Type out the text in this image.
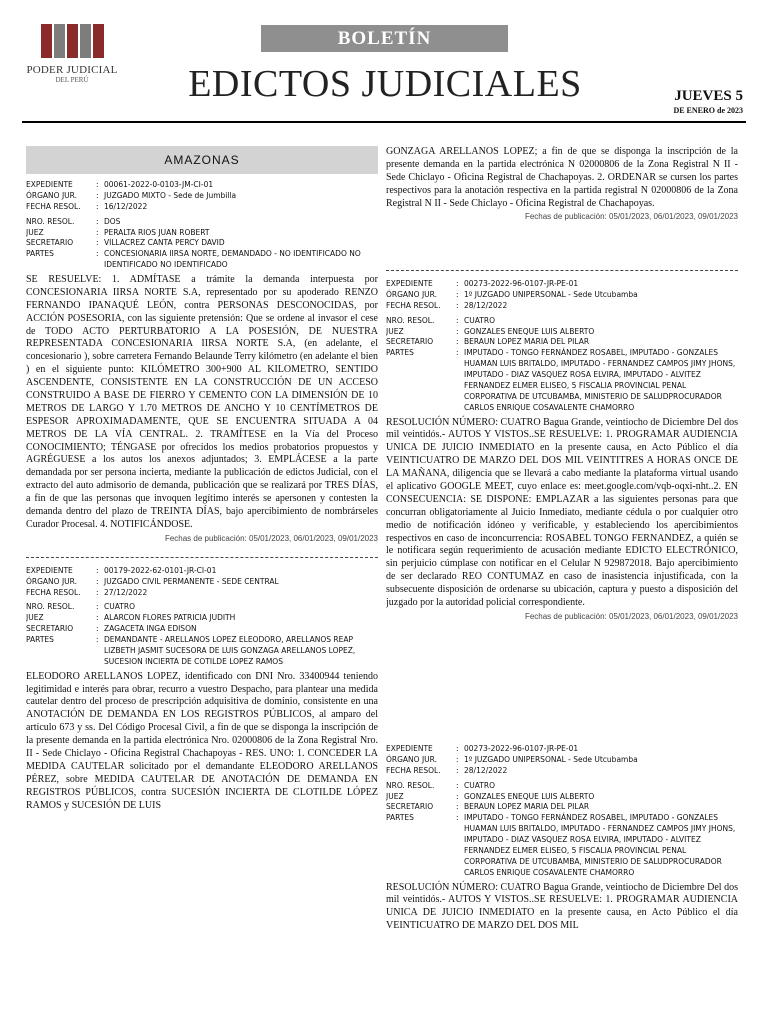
PODER JUDICIAL
DEL PERÚ
BOLETÍN
EDICTOS JUDICIALES	JUEVES 5
DE ENERO de 2023
AMAZONAS
EXPEDIENTE	:	00061-2022-0-0103-JM-CI-01
ÓRGANO JUR.	:	JUZGADO MIXTO - Sede de Jumbilla
FECHA RESOL.	:	16/12/2022
NRO. RESOL.	:	DOS
JUEZ	:	PERALTA RIOS JUAN ROBERT
SECRETARIO	:	VILLACREZ CANTA PERCY DAVID
PARTES	:	CONCESIONARIA IIRSA NORTE, DEMANDADO - NO IDENTIFICADO NO IDENTIFICADO NO IDENTIFICADO
SE RESUELVE: 1. ADMÍTASE a trámite la demanda interpuesta por CONCESIONARIA IIRSA NORTE S.A, representado por su apoderado RENZO FERNANDO IPANAQUÉ LEÓN, contra PERSONAS DESCONOCIDAS, por ACCIÓN POSESORIA, con las siguiente pretensión: Que se ordene al invasor el cese de TODO ACTO PERTURBATORIO A LA POSESIÓN, DE NUESTRA REPRESENTADA CONCESIONARIA IIRSA NORTE S.A, (en adelante, el concesionario ), sobre carretera Fernando Belaunde Terry kilómetro (en adelante el bien ) en el siguiente punto: KILÓMETRO 300+900 AL KILOMETRO, SENTIDO ASCENDENTE, CONSISTENTE EN LA CONSTRUCCIÓN DE UN ACCESO CONSTRUIDO A BASE DE FIERRO Y CEMENTO CON LA DIMENSIÓN DE 10 METROS DE LARGO Y 1.70 METROS DE ANCHO Y 10 CENTÍMETROS DE ESPESOR APROXIMADAMENTE, QUE SE ENCUENTRA SITUADA A 04 METROS DE LA VÍA CENTRAL. 2. TRAMÍTESE en la Vía del Proceso CONOCIMIENTO; TÉNGASE por ofrecidos los medios probatorios propuestos y AGRÉGUESE a los autos los anexos adjuntados; 3. EMPLÁCESE a la parte demandada por ser persona incierta, mediante la publicación de edictos Judicial, con el extracto del auto admisorio de demanda, publicación que se realizará por TRES DÍAS, a fin de que las personas que invoquen legítimo interés se apersonen y contesten la demanda dentro del plazo de TREINTA DÍAS, bajo apercibimiento de nombrárseles Curador Procesal. 4. NOTIFICÁNDOSE.
Fechas de publicación: 05/01/2023, 06/01/2023, 09/01/2023
EXPEDIENTE	:	00179-2022-62-0101-JR-CI-01
ÓRGANO JUR.	:	JUZGADO CIVIL PERMANENTE - SEDE CENTRAL
FECHA RESOL.	:	27/12/2022
NRO. RESOL.	:	CUATRO
JUEZ	:	ALARCON FLORES PATRICIA JUDITH
SECRETARIO	:	ZAGACETA INGA EDISON
PARTES	:	DEMANDANTE - ARELLANOS LOPEZ ELEODORO, ARELLANOS REAP LIZBETH JASMIT SUCESORA DE LUIS GONZAGA ARELLANOS LOPEZ, SUCESION INCIERTA DE COTILDE LOPEZ RAMOS
ELEODORO ARELLANOS LOPEZ, identificado con DNI Nro. 33400944 teniendo legitimidad e interés para obrar, recurro a vuestro Despacho, para plantear una medida cautelar dentro del proceso de prescripción adquisitiva de dominio, consistente en una ANOTACIÓN DE DEMANDA EN LOS REGISTROS PÚBLICOS, al amparo del artículo 673 y ss. Del Código Procesal Civil, a fin de que se disponga la inscripción de la presente demanda en la partida electrónica Nro. 02000806 de la Zona Registral Nro. II - Sede Chiclayo - Oficina Registral Chachapoyas - RES. UNO: 1. CONCEDER LA MEDIDA CAUTELAR solicitado por el demandante ELEODORO ARELLANOS PÉREZ, sobre MEDIDA CAUTELAR DE ANOTACIÓN DE DEMANDA EN REGISTROS PÚBLICOS, contra SUCESIÓN INCIERTA DE CLOTILDE LÓPEZ RAMOS y SUCESIÓN DE LUIS
GONZAGA ARELLANOS LOPEZ; a fin de que se disponga la inscripción de la presente demanda en la partida electrónica N 02000806 de la Zona Registral N II - Sede Chiclayo - Oficina Registral de Chachapoyas. 2. ORDENAR se cursen los partes respectivos para la anotación respectiva en la partida registral N 02000806 de la Zona Registral N II - Sede Chiclayo - Oficina Registral de Chachapoyas.
Fechas de publicación: 05/01/2023, 06/01/2023, 09/01/2023
EXPEDIENTE	:	00273-2022-96-0107-JR-PE-01
ÓRGANO JUR.	:	1º JUZGADO UNIPERSONAL - Sede Utcubamba
FECHA RESOL.	:	28/12/2022
NRO. RESOL.	:	CUATRO
JUEZ	:	GONZALES ENEQUE LUIS ALBERTO
SECRETARIO	:	BERAUN LOPEZ MARIA DEL PILAR
PARTES	:	IMPUTADO - TONGO FERNÁNDEZ ROSABEL, IMPUTADO - GONZALES HUAMAN LUIS BRITALDO, IMPUTADO - FERNANDEZ CAMPOS JIMY JHONS, IMPUTADO - DIAZ VASQUEZ ROSA ELVIRA, IMPUTADO - ALVITEZ FERNANDEZ ELMER ELISEO, 5 FISCALIA PROVINCIAL PENAL CORPORATIVA DE UTCUBAMBA, MINISTERIO DE SALUDPROCURADOR CARLOS ENRIQUE COSAVALENTE CHAMORRO
RESOLUCIÓN NÚMERO: CUATRO Bagua Grande, veintiocho de Diciembre Del dos mil veintidós.- AUTOS Y VISTOS..SE RESUELVE: 1. PROGRAMAR AUDIENCIA UNICA DE JUICIO INMEDIATO en la presente causa, en Acto Público el día VEINTICUATRO DE MARZO DEL DOS MIL VEINTITRES A HORAS ONCE DE LA MAÑANA, diligencia que se llevará a cabo mediante la plataforma virtual usando el aplicativo GOOGLE MEET, cuyo enlace es: meet.google.com/vqb-oqxi-nht..2. EN CONSECUENCIA: SE DISPONE: EMPLAZAR a las siguientes personas para que concurran obligatoriamente al Juicio Inmediato, mediante cédula o por cualquier otro medio de notificación idóneo y verificable, y estableciendo los apercibimientos respectivos en caso de inconcurrencia: ROSABEL TONGO FERNANDEZ, a quién se le notificara según requerimiento de acusación mediante EDICTO ELECTRÓNICO, sin perjuicio cúmplase con notificar en el Celular N 929872018. Bajo apercibimiento de ser declarado REO CONTUMAZ en caso de inasistencia injustificada, con la subsecuente disposición de ordenarse su ubicación, captura y puesto a disposición del juzgado por la autoridad policial correspondiente.
Fechas de publicación: 05/01/2023, 06/01/2023, 09/01/2023
EXPEDIENTE	:	00273-2022-96-0107-JR-PE-01
ÓRGANO JUR.	:	1º JUZGADO UNIPERSONAL - Sede Utcubamba
FECHA RESOL.	:	28/12/2022
NRO. RESOL.	:	CUATRO
JUEZ	:	GONZALES ENEQUE LUIS ALBERTO
SECRETARIO	:	BERAUN LOPEZ MARIA DEL PILAR
PARTES	:	IMPUTADO - TONGO FERNÁNDEZ ROSABEL, IMPUTADO - GONZALES HUAMAN LUIS BRITALDO, IMPUTADO - FERNANDEZ CAMPOS JIMY JHONS, IMPUTADO - DIAZ VASQUEZ ROSA ELVIRA, IMPUTADO - ALVITEZ FERNANDEZ ELMER ELISEO, 5 FISCALIA PROVINCIAL PENAL CORPORATIVA DE UTCUBAMBA, MINISTERIO DE SALUDPROCURADOR CARLOS ENRIQUE COSAVALENTE CHAMORRO
RESOLUCIÓN NÚMERO: CUATRO Bagua Grande, veintiocho de Diciembre Del dos mil veintidós.- AUTOS Y VISTOS..SE RESUELVE: 1. PROGRAMAR AUDIENCIA UNICA DE JUICIO INMEDIATO en la presente causa, en Acto Público el día VEINTICUATRO DE MARZO DEL DOS MIL
